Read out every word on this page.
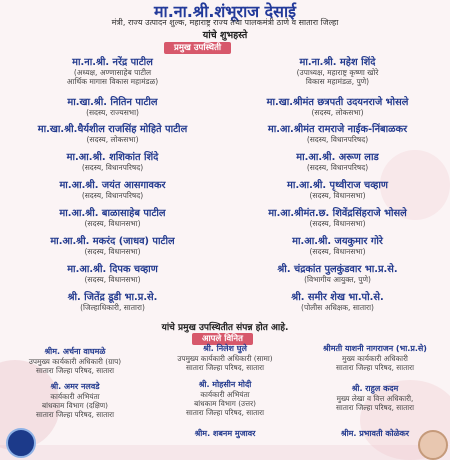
मा.ना.श्री.शंभूराज देसाई
मंत्री, राज्य उत्पादन शुल्क, महाराष्ट्र राज्य तथा पालकमंत्री ठाणे व सातारा जिल्हा
यांचे शुभहस्ते
प्रमुख उपस्थिती
मा.ना.श्री. नरेंद्र पाटील
(अध्यक्ष, अण्णासाहेब पाटील
आर्थिक मागास विकास महामंडळ)
मा.ना.श्री. महेश शिंदे
(उपाध्यक्ष, महाराष्ट्र कृष्णा खोरे
विकास महामंडळ, पुणे)
मा.खा.श्री. नितिन पाटील
(सदस्य, राज्यसभा)
मा.खा.श्रीमंत छत्रपती उदयनराजे भोसले
(सदस्य, लोकसभा)
मा.खा.श्री.धैर्यशील राजसिंह मोहिते पाटील
(सदस्य, लोकसभा)
मा.आ.श्रीमंत रामराजे नाईक-निंबाळकर
(सदस्य, विधानपरिषद)
मा.आ.श्री. शशिकांत शिंदे
(सदस्य, विधानपरिषद)
मा.आ.श्री. अरूण लाड
(सदस्य, विधानपरिषद)
मा.आ.श्री. जयंत आसगावकर
(सदस्य, विधानपरिषद)
मा.आ.श्री. पृथ्वीराज चव्हाण
(सदस्य, विधानसभा)
मा.आ.श्री. बाळासाहेब पाटील
(सदस्य, विधानसभा)
मा.आ.श्रीमंत.छ. शिवेंद्रसिंहराजे भोसले
(सदस्य, विधानसभा)
मा.आ.श्री. मकरंद (जाधव) पाटील
(सदस्य, विधानसभा)
मा.आ.श्री. जयकुमार गोरे
(सदस्य, विधानसभा)
मा.आ.श्री. दिपक चव्हाण
(सदस्य, विधानसभा)
श्री. चंद्रकांत पुलकुंडवार भा.प्र.से.
(विभागीय आयुक्त, पुणे)
श्री. जितेंद्र डूडी भा.प्र.से.
(जिल्हाधिकारी, सातारा)
श्री. समीर शेख भा.पो.से.
(पोलीस अधिक्षक, सातारा)
यांचे प्रमुख उपस्थितीत संपन्न होत आहे.
आपले विनित
श्रीम. अर्चना वाघमळे
उपमुख्य कार्यकारी अधिकारी (ग्राप)
सातारा जिल्हा परिषद, सातारा
श्री. निलेश घुले
उपमुख्य कार्यकारी अधिकारी (सामा)
सातारा जिल्हा परिषद, सातारा
श्रीमती याशनी नागराजन (भा.प्र.से)
मुख्य कार्यकारी अधिकारी
सातारा जिल्हा परिषद, सातारा
श्री. अमर नलवडे
कार्यकारी अभियंता
बांधकाम विभाग (दक्षिण)
सातारा जिल्हा परिषद, सातारा
श्री. मोहसीन मोदी
कार्यकारी अभियंता
बांधकाम विभाग (उत्तर)
सातारा जिल्हा परिषद, सातारा
श्री. राहुल कदम
मुख्य लेखा व वित्त अधिकारी,
सातारा जिल्हा परिषद, सातारा
श्रीम. शबनम मुजावर	श्रीम. प्रभावती कोळेकर
